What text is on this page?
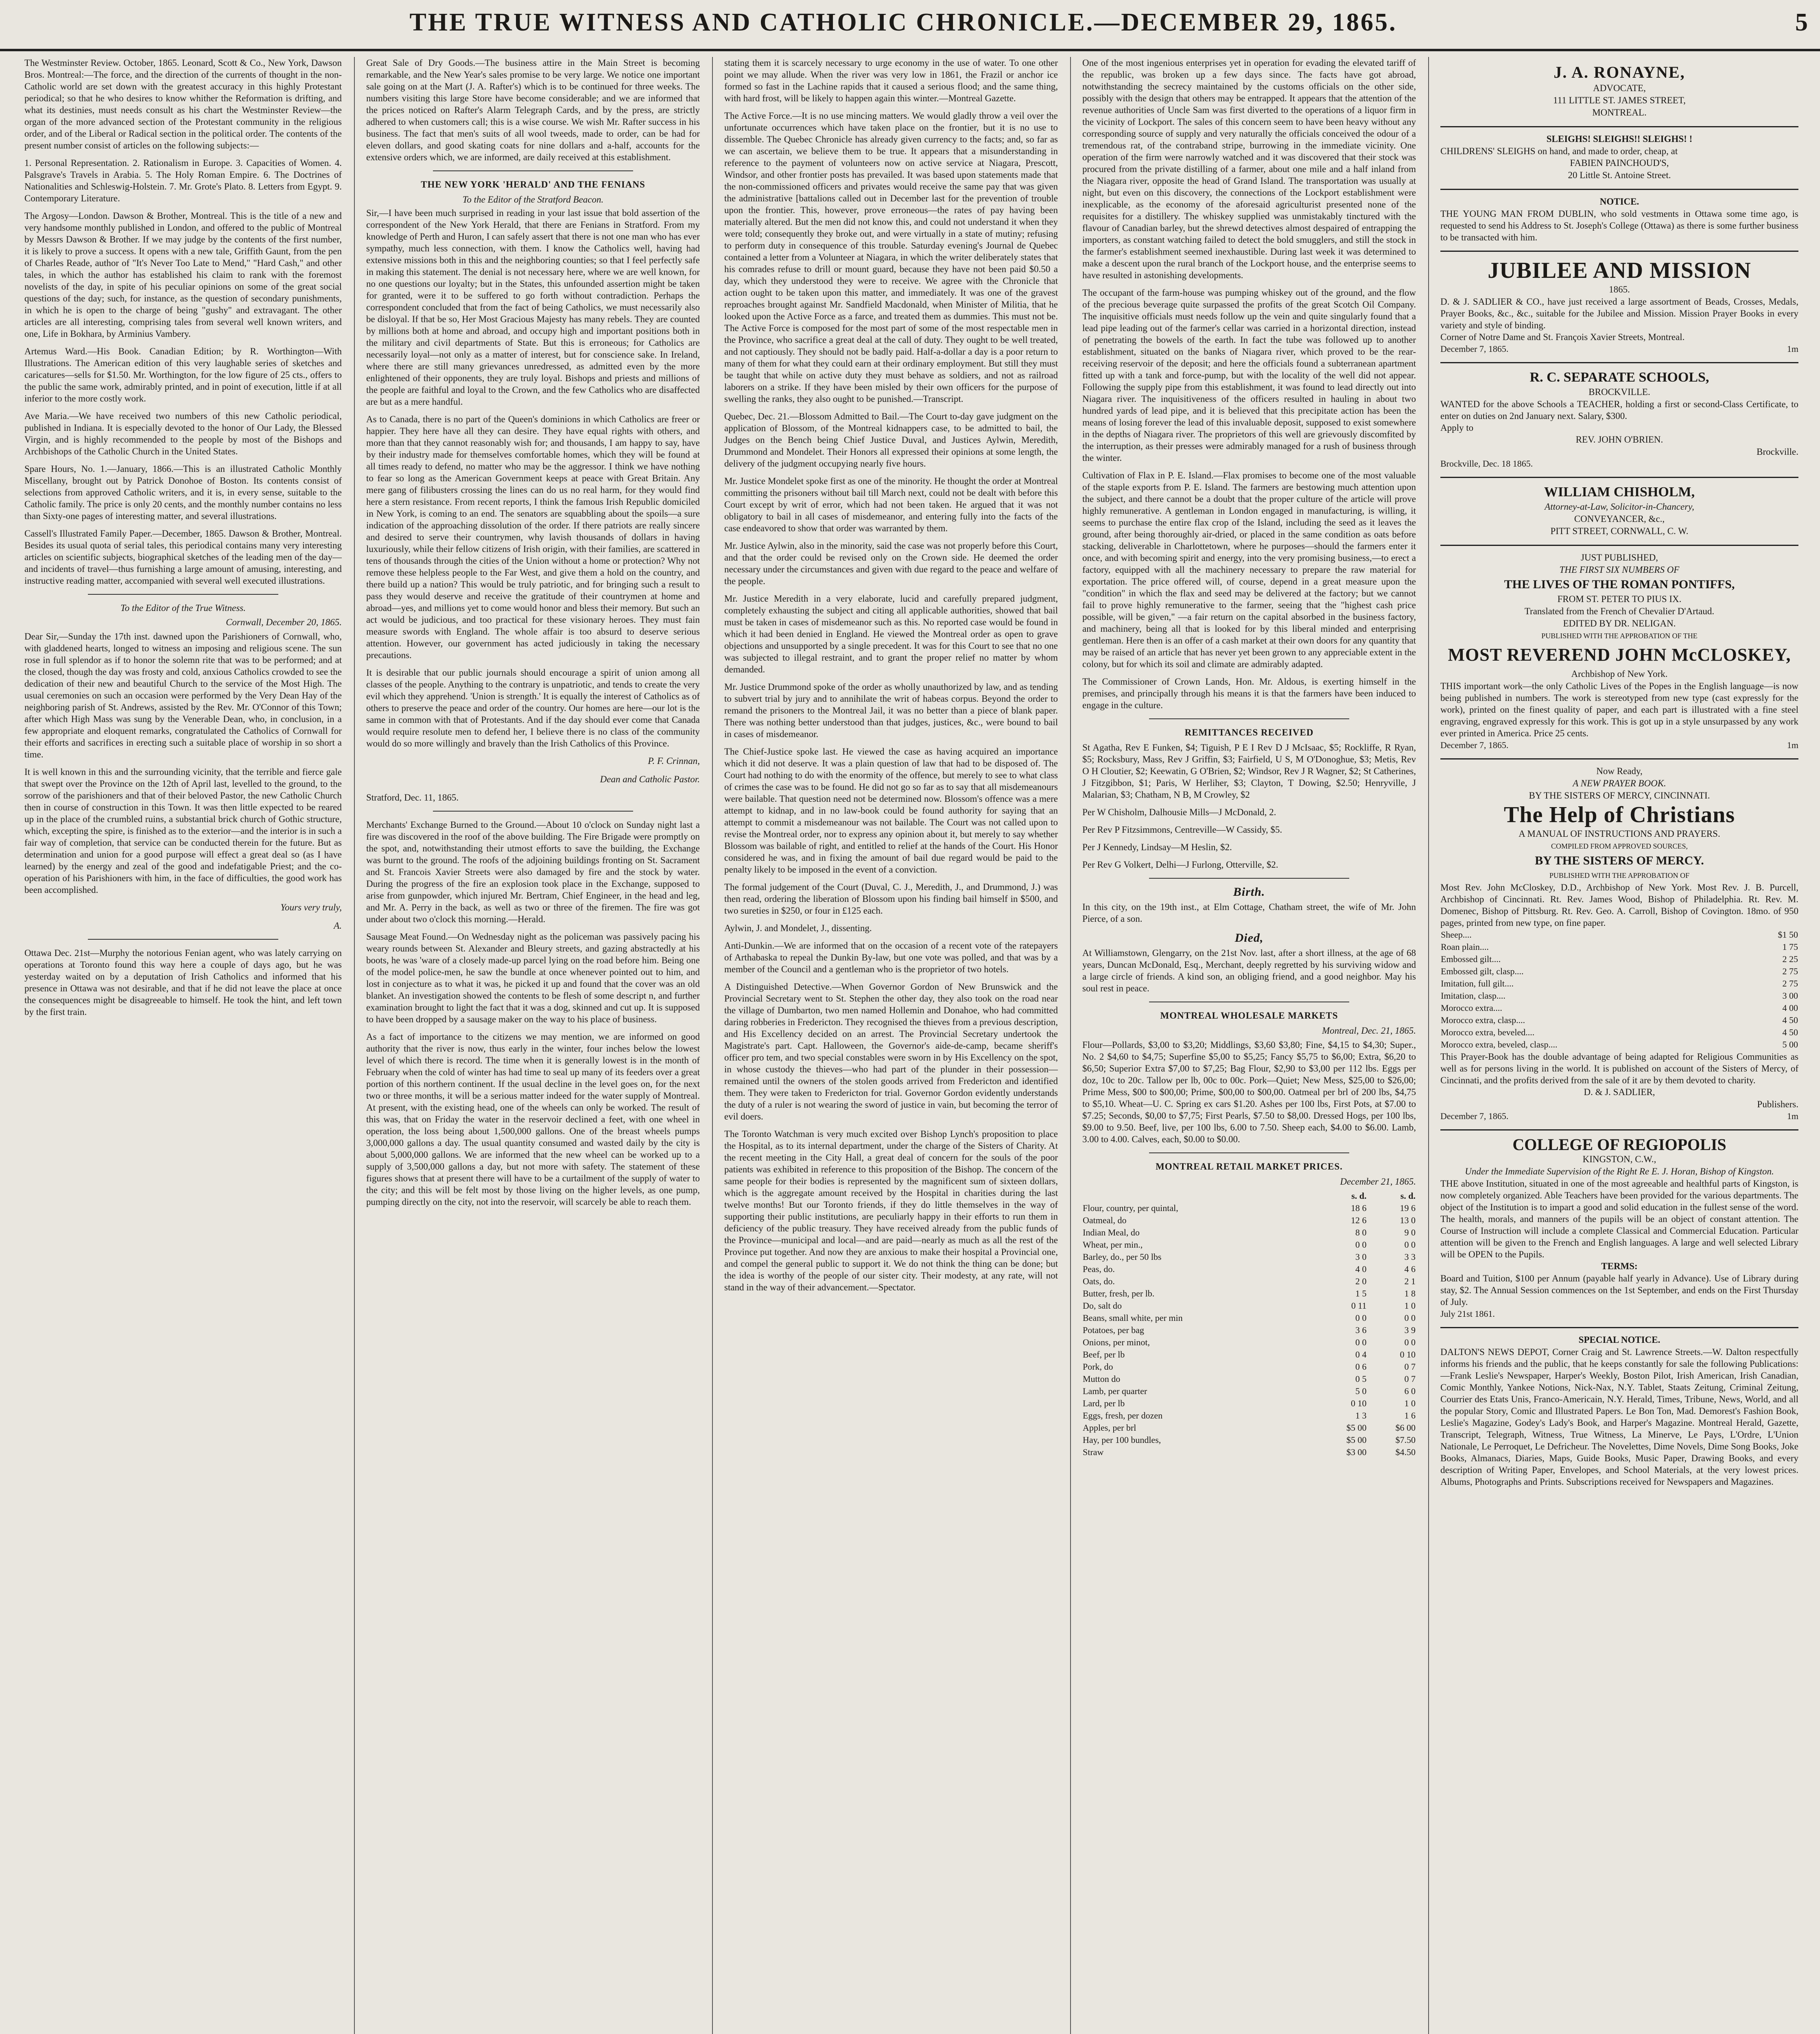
THE TRUE WITNESS AND CATHOLIC CHRONICLE.—DECEMBER 29, 1865.	5

The Westminster Review. October, 1865. Leonard, Scott & Co., New York, Dawson Bros. Montreal:—The force, and the direction of the currents of thought in the non-Catholic world are set down with the greatest accuracy in this highly Protestant periodical; so that he who desires to know whither the Reformation is drifting, and what its destinies, must needs consult as his chart the Westminster Review—the organ of the more advanced section of the Protestant community in the religious order, and of the Liberal or Radical section in the political order. The contents of the present number consist of articles on the following subjects:—

1. Personal Representation. 2. Rationalism in Europe. 3. Capacities of Women. 4. Palsgrave's Travels in Arabia. 5. The Holy Roman Empire. 6. The Doctrines of Nationalities and Schleswig-Holstein. 7. Mr. Grote's Plato. 8. Letters from Egypt. 9. Contemporary Literature.

The Argosy—London. Dawson & Brother, Montreal. This is the title of a new and very handsome monthly published in London, and offered to the public of Montreal by Messrs Dawson & Brother. If we may judge by the contents of the first number, it is likely to prove a success. It opens with a new tale, Griffith Gaunt, from the pen of Charles Reade, author of "It's Never Too Late to Mend," "Hard Cash," and other tales, in which the author has established his claim to rank with the foremost novelists of the day, in spite of his peculiar opinions on some of the great social questions of the day; such, for instance, as the question of secondary punishments, in which he is open to the charge of being "gushy" and extravagant. The other articles are all interesting, comprising tales from several well known writers, and one, Life in Bokhara, by Arminius Vambery.

Artemus Ward.—His Book. Canadian Edition; by R. Worthington—With Illustrations. The American edition of this very laughable series of sketches and caricatures—sells for $1.50. Mr. Worthington, for the low figure of 25 cts., offers to the public the same work, admirably printed, and in point of execution, little if at all inferior to the more costly work.

Ave Maria.—We have received two numbers of this new Catholic periodical, published in Indiana. It is especially devoted to the honor of Our Lady, the Blessed Virgin, and is highly recommended to the people by most of the Bishops and Archbishops of the Catholic Church in the United States.

Spare Hours, No. 1.—January, 1866.—This is an illustrated Catholic Monthly Miscellany, brought out by Patrick Donohoe of Boston. Its contents consist of selections from approved Catholic writers, and it is, in every sense, suitable to the Catholic family. The price is only 20 cents, and the monthly number contains no less than Sixty-one pages of interesting matter, and several illustrations.

Cassell's Illustrated Family Paper.—December, 1865. Dawson & Brother, Montreal. Besides its usual quota of serial tales, this periodical contains many very interesting articles on scientific subjects, biographical sketches of the leading men of the day—and incidents of travel—thus furnishing a large amount of amusing, interesting, and instructive reading matter, accompanied with several well executed illustrations.

To the Editor of the True Witness.

Cornwall, December 20, 1865.

Dear Sir,—Sunday the 17th inst. dawned upon the Parishioners of Cornwall, who, with gladdened hearts, longed to witness an imposing and religious scene. The sun rose in full splendor as if to honor the solemn rite that was to be performed; and at the closed, though the day was frosty and cold, anxious Catholics crowded to see the dedication of their new and beautiful Church to the service of the Most High. The usual ceremonies on such an occasion were performed by the Very Dean Hay of the neighboring parish of St. Andrews, assisted by the Rev. Mr. O'Connor of this Town; after which High Mass was sung by the Venerable Dean, who, in conclusion, in a few appropriate and eloquent remarks, congratulated the Catholics of Cornwall for their efforts and sacrifices in erecting such a suitable place of worship in so short a time.

It is well known in this and the surrounding vicinity, that the terrible and fierce gale that swept over the Province on the 12th of April last, levelled to the ground, to the sorrow of the parishioners and that of their beloved Pastor, the new Catholic Church then in course of construction in this Town. It was then little expected to be reared up in the place of the crumbled ruins, a substantial brick church of Gothic structure, which, excepting the spire, is finished as to the exterior—and the interior is in such a fair way of completion, that service can be conducted therein for the future. But as determination and union for a good purpose will effect a great deal so (as I have learned) by the energy and zeal of the good and indefatigable Priest; and the co-operation of his Parishioners with him, in the face of difficulties, the good work has been accomplished.

Yours very truly,

A.

Ottawa Dec. 21st—Murphy the notorious Fenian agent, who was lately carrying on operations at Toronto found this way here a couple of days ago, but he was yesterday waited on by a deputation of Irish Catholics and informed that his presence in Ottawa was not desirable, and that if he did not leave the place at once the consequences might be disagreeable to himself. He took the hint, and left town by the first train.

Great Sale of Dry Goods.—The business attire in the Main Street is becoming remarkable, and the New Year's sales promise to be very large. We notice one important sale going on at the Mart (J. A. Rafter's) which is to be continued for three weeks. The numbers visiting this large Store have become considerable; and we are informed that the prices noticed on Rafter's Alarm Telegraph Cards, and by the press, are strictly adhered to when customers call; this is a wise course. We wish Mr. Rafter success in his business. The fact that men's suits of all wool tweeds, made to order, can be had for eleven dollars, and good skating coats for nine dollars and a-half, accounts for the extensive orders which, we are informed, are daily received at this establishment.

THE NEW YORK 'HERALD' AND THE FENIANS

To the Editor of the Stratford Beacon.

Sir,—I have been much surprised in reading in your last issue that bold assertion of the correspondent of the New York Herald, that there are Fenians in Stratford. From my knowledge of Perth and Huron, I can safely assert that there is not one man who has ever sympathy, much less connection, with them. I know the Catholics well, having had extensive missions both in this and the neighboring counties; so that I feel perfectly safe in making this statement. The denial is not necessary here, where we are well known, for no one questions our loyalty; but in the States, this unfounded assertion might be taken for granted, were it to be suffered to go forth without contradiction. Perhaps the correspondent concluded that from the fact of being Catholics, we must necessarily also be disloyal. If that be so, Her Most Gracious Majesty has many rebels. They are counted by millions both at home and abroad, and occupy high and important positions both in the military and civil departments of State. But this is erroneous; for Catholics are necessarily loyal—not only as a matter of interest, but for conscience sake. In Ireland, where there are still many grievances unredressed, as admitted even by the more enlightened of their opponents, they are truly loyal. Bishops and priests and millions of the people are faithful and loyal to the Crown, and the few Catholics who are disaffected are but as a mere handful.

As to Canada, there is no part of the Queen's dominions in which Catholics are freer or happier. They here have all they can desire. They have equal rights with others, and more than that they cannot reasonably wish for; and thousands, I am happy to say, have by their industry made for themselves comfortable homes, which they will be found at all times ready to defend, no matter who may be the aggressor. I think we have nothing to fear so long as the American Government keeps at peace with Great Britain. Any mere gang of filibusters crossing the lines can do us no real harm, for they would find here a stern resistance. From recent reports, I think the famous Irish Republic domiciled in New York, is coming to an end. The senators are squabbling about the spoils—a sure indication of the approaching dissolution of the order. If there patriots are really sincere and desired to serve their countrymen, why lavish thousands of dollars in having luxuriously, while their fellow citizens of Irish origin, with their families, are scattered in tens of thousands through the cities of the Union without a home or protection? Why not remove these helpless people to the Far West, and give them a hold on the country, and there build up a nation? This would be truly patriotic, and for bringing such a result to pass they would deserve and receive the gratitude of their countrymen at home and abroad—yes, and millions yet to come would honor and bless their memory. But such an act would be judicious, and too practical for these visionary heroes. They must fain measure swords with England. The whole affair is too absurd to deserve serious attention. However, our government has acted judiciously in taking the necessary precautions.

It is desirable that our public journals should encourage a spirit of union among all classes of the people. Anything to the contrary is unpatriotic, and tends to create the very evil which they apprehend. 'Union is strength.' It is equally the interest of Catholics as of others to preserve the peace and order of the country. Our homes are here—our lot is the same in common with that of Protestants. And if the day should ever come that Canada would require resolute men to defend her, I believe there is no class of the community would do so more willingly and bravely than the Irish Catholics of this Province.

P. F. Crinnan,

Dean and Catholic Pastor.

Stratford, Dec. 11, 1865.

Merchants' Exchange Burned to the Ground.—About 10 o'clock on Sunday night last a fire was discovered in the roof of the above building. The Fire Brigade were promptly on the spot, and, notwithstanding their utmost efforts to save the building, the Exchange was burnt to the ground. The roofs of the adjoining buildings fronting on St. Sacrament and St. Francois Xavier Streets were also damaged by fire and the stock by water. During the progress of the fire an explosion took place in the Exchange, supposed to arise from gunpowder, which injured Mr. Bertram, Chief Engineer, in the head and leg, and Mr. A. Perry in the back, as well as two or three of the firemen. The fire was got under about two o'clock this morning.—Herald.

Sausage Meat Found.—On Wednesday night as the policeman was passively pacing his weary rounds between St. Alexander and Bleury streets, and gazing abstractedly at his boots, he was 'ware of a closely made-up parcel lying on the road before him. Being one of the model police-men, he saw the bundle at once whenever pointed out to him, and lost in conjecture as to what it was, he picked it up and found that the cover was an old blanket. An investigation showed the contents to be flesh of some descript n, and further examination brought to light the fact that it was a dog, skinned and cut up. It is supposed to have been dropped by a sausage maker on the way to his place of business.

As a fact of importance to the citizens we may mention, we are informed on good authority that the river is now, thus early in the winter, four inches below the lowest level of which there is record. The time when it is generally lowest is in the month of February when the cold of winter has had time to seal up many of its feeders over a great portion of this northern continent. If the usual decline in the level goes on, for the next two or three months, it will be a serious matter indeed for the water supply of Montreal. At present, with the existing head, one of the wheels can only be worked. The result of this was, that on Friday the water in the reservoir declined a feet, with one wheel in operation, the loss being about 1,500,000 gallons. One of the breast wheels pumps 3,000,000 gallons a day. The usual quantity consumed and wasted daily by the city is about 5,000,000 gallons. We are informed that the new wheel can be worked up to a supply of 3,500,000 gallons a day, but not more with safety. The statement of these figures shows that at present there will have to be a curtailment of the supply of water to the city; and this will be felt most by those living on the higher levels, as one pump, pumping directly on the city, not into the reservoir, will scarcely be able to reach them.

stating them it is scarcely necessary to urge economy in the use of water. To one other point we may allude. When the river was very low in 1861, the Frazil or anchor ice formed so fast in the Lachine rapids that it caused a serious flood; and the same thing, with hard frost, will be likely to happen again this winter.—Montreal Gazette.

The Active Force.—It is no use mincing matters. We would gladly throw a veil over the unfortunate occurrences which have taken place on the frontier, but it is no use to dissemble. The Quebec Chronicle has already given currency to the facts; and, so far as we can ascertain, we believe them to be true. It appears that a misunderstanding in reference to the payment of volunteers now on active service at Niagara, Prescott, Windsor, and other frontier posts has prevailed. It was based upon statements made that the non-commissioned officers and privates would receive the same pay that was given the administrative [battalions called out in December last for the prevention of trouble upon the frontier. This, however, prove erroneous—the rates of pay having been materially altered. But the men did not know this, and could not understand it when they were told; consequently they broke out, and were virtually in a state of mutiny; refusing to perform duty in consequence of this trouble. Saturday evening's Journal de Quebec contained a letter from a Volunteer at Niagara, in which the writer deliberately states that his comrades refuse to drill or mount guard, because they have not been paid $0.50 a day, which they understood they were to receive. We agree with the Chronicle that action ought to be taken upon this matter, and immediately. It was one of the gravest reproaches brought against Mr. Sandfield Macdonald, when Minister of Militia, that he looked upon the Active Force as a farce, and treated them as dummies. This must not be. The Active Force is composed for the most part of some of the most respectable men in the Province, who sacrifice a great deal at the call of duty. They ought to be well treated, and not captiously. They should not be badly paid. Half-a-dollar a day is a poor return to many of them for what they could earn at their ordinary employment. But still they must be taught that while on active duty they must behave as soldiers, and not as railroad laborers on a strike. If they have been misled by their own officers for the purpose of swelling the ranks, they also ought to be punished.—Transcript.

Quebec, Dec. 21.—Blossom Admitted to Bail.—The Court to-day gave judgment on the application of Blossom, of the Montreal kidnappers case, to be admitted to bail, the Judges on the Bench being Chief Justice Duval, and Justices Aylwin, Meredith, Drummond and Mondelet. Their Honors all expressed their opinions at some length, the delivery of the judgment occupying nearly five hours.

Mr. Justice Mondelet spoke first as one of the minority. He thought the order at Montreal committing the prisoners without bail till March next, could not be dealt with before this Court except by writ of error, which had not been taken. He argued that it was not obligatory to bail in all cases of misdemeanor, and entering fully into the facts of the case endeavored to show that order was warranted by them.

Mr. Justice Aylwin, also in the minority, said the case was not properly before this Court, and that the order could be revised only on the Crown side. He deemed the order necessary under the circumstances and given with due regard to the peace and welfare of the people.

Mr. Justice Meredith in a very elaborate, lucid and carefully prepared judgment, completely exhausting the subject and citing all applicable authorities, showed that bail must be taken in cases of misdemeanor such as this. No reported case would be found in which it had been denied in England. He viewed the Montreal order as open to grave objections and unsupported by a single precedent. It was for this Court to see that no one was subjected to illegal restraint, and to grant the proper relief no matter by whom demanded.

Mr. Justice Drummond spoke of the order as wholly unauthorized by law, and as tending to subvert trial by jury and to annihilate the writ of habeas corpus. Beyond the order to remand the prisoners to the Montreal Jail, it was no better than a piece of blank paper. There was nothing better understood than that judges, justices, &c., were bound to bail in cases of misdemeanor.

The Chief-Justice spoke last. He viewed the case as having acquired an importance which it did not deserve. It was a plain question of law that had to be disposed of. The Court had nothing to do with the enormity of the offence, but merely to see to what class of crimes the case was to be found. He did not go so far as to say that all misdemeanours were bailable. That question need not be determined now. Blossom's offence was a mere attempt to kidnap, and in no law-book could be found authority for saying that an attempt to commit a misdemeanour was not bailable. The Court was not called upon to revise the Montreal order, nor to express any opinion about it, but merely to say whether Blossom was bailable of right, and entitled to relief at the hands of the Court. His Honor considered he was, and in fixing the amount of bail due regard would be paid to the penalty likely to be imposed in the event of a conviction.

The formal judgement of the Court (Duval, C. J., Meredith, J., and Drummond, J.) was then read, ordering the liberation of Blossom upon his finding bail himself in $500, and two sureties in $250, or four in £125 each.

Aylwin, J. and Mondelet, J., dissenting.

Anti-Dunkin.—We are informed that on the occasion of a recent vote of the ratepayers of Arthabaska to repeal the Dunkin By-law, but one vote was polled, and that was by a member of the Council and a gentleman who is the proprietor of two hotels.

A Distinguished Detective.—When Governor Gordon of New Brunswick and the Provincial Secretary went to St. Stephen the other day, they also took on the road near the village of Dumbarton, two men named Hollemin and Donahoe, who had committed daring robberies in Fredericton. They recognised the thieves from a previous description, and His Excellency decided on an arrest. The Provincial Secretary undertook the Magistrate's part. Capt. Halloween, the Governor's aide-de-camp, became sheriff's officer pro tem, and two special constables were sworn in by His Excellency on the spot, in whose custody the thieves—who had part of the plunder in their possession—remained until the owners of the stolen goods arrived from Fredericton and identified them. They were taken to Fredericton for trial. Governor Gordon evidently understands the duty of a ruler is not wearing the sword of justice in vain, but becoming the terror of evil doers.

The Toronto Watchman is very much excited over Bishop Lynch's proposition to place the Hospital, as to its internal department, under the charge of the Sisters of Charity. At the recent meeting in the City Hall, a great deal of concern for the souls of the poor patients was exhibited in reference to this proposition of the Bishop. The concern of the same people for their bodies is represented by the magnificent sum of sixteen dollars, which is the aggregate amount received by the Hospital in charities during the last twelve months! But our Toronto friends, if they do little themselves in the way of supporting their public institutions, are peculiarly happy in their efforts to run them in deficiency of the public treasury. They have received already from the public funds of the Province—municipal and local—and are paid—nearly as much as all the rest of the Province put together. And now they are anxious to make their hospital a Provincial one, and compel the general public to support it. We do not think the thing can be done; but the idea is worthy of the people of our sister city. Their modesty, at any rate, will not stand in the way of their advancement.—Spectator.

One of the most ingenious enterprises yet in operation for evading the elevated tariff of the republic, was broken up a few days since. The facts have got abroad, notwithstanding the secrecy maintained by the customs officials on the other side, possibly with the design that others may be entrapped. It appears that the attention of the revenue authorities of Uncle Sam was first diverted to the operations of a liquor firm in the vicinity of Lockport. The sales of this concern seem to have been heavy without any corresponding source of supply and very naturally the officials conceived the odour of a tremendous rat, of the contraband stripe, burrowing in the immediate vicinity. One operation of the firm were narrowly watched and it was discovered that their stock was procured from the private distilling of a farmer, about one mile and a half inland from the Niagara river, opposite the head of Grand Island. The transportation was usually at night, but even on this discovery, the connections of the Lockport establishment were inexplicable, as the economy of the aforesaid agriculturist presented none of the requisites for a distillery. The whiskey supplied was unmistakably tinctured with the flavour of Canadian barley, but the shrewd detectives almost despaired of entrapping the importers, as constant watching failed to detect the bold smugglers, and still the stock in the farmer's establishment seemed inexhaustible. During last week it was determined to make a descent upon the rural branch of the Lockport house, and the enterprise seems to have resulted in astonishing developments.

The occupant of the farm-house was pumping whiskey out of the ground, and the flow of the precious beverage quite surpassed the profits of the great Scotch Oil Company. The inquisitive officials must needs follow up the vein and quite singularly found that a lead pipe leading out of the farmer's cellar was carried in a horizontal direction, instead of penetrating the bowels of the earth. In fact the tube was followed up to another establishment, situated on the banks of Niagara river, which proved to be the rear-receiving reservoir of the deposit; and here the officials found a subterranean apartment fitted up with a tank and force-pump, but with the locality of the well did not appear. Following the supply pipe from this establishment, it was found to lead directly out into Niagara river. The inquisitiveness of the officers resulted in hauling in about two hundred yards of lead pipe, and it is believed that this precipitate action has been the means of losing forever the lead of this invaluable deposit, supposed to exist somewhere in the depths of Niagara river. The proprietors of this well are grievously discomfited by the interruption, as their presses were admirably managed for a rush of business through the winter.

Cultivation of Flax in P. E. Island.—Flax promises to become one of the most valuable of the staple exports from P. E. Island. The farmers are bestowing much attention upon the subject, and there cannot be a doubt that the proper culture of the article will prove highly remunerative. A gentleman in London engaged in manufacturing, is willing, it seems to purchase the entire flax crop of the Island, including the seed as it leaves the ground, after being thoroughly air-dried, or placed in the same condition as oats before stacking, deliverable in Charlottetown, where he purposes—should the farmers enter it once, and with becoming spirit and energy, into the very promising business,—to erect a factory, equipped with all the machinery necessary to prepare the raw material for exportation. The price offered will, of course, depend in a great measure upon the "condition" in which the flax and seed may be delivered at the factory; but we cannot fail to prove highly remunerative to the farmer, seeing that the "highest cash price possible, will be given," —a fair return on the capital absorbed in the business factory, and machinery, being all that is looked for by this liberal minded and enterprising gentleman. Here then is an offer of a cash market at their own doors for any quantity that may be raised of an article that has never yet been grown to any appreciable extent in the colony, but for which its soil and climate are admirably adapted.

The Commissioner of Crown Lands, Hon. Mr. Aldous, is exerting himself in the premises, and principally through his means it is that the farmers have been induced to engage in the culture.

REMITTANCES RECEIVED

St Agatha, Rev E Funken, $4; Tiguish, P E I Rev D J McIsaac, $5; Rockliffe, R Ryan, $5; Rocksbury, Mass, Rev J Griffin, $3; Fairfield, U S, M O'Donoghue, $3; Metis, Rev O H Cloutier, $2; Keewatin, G O'Brien, $2; Windsor, Rev J R Wagner, $2; St Catherines, J Fitzgibbon, $1; Paris, W Herliher, $3; Clayton, T Dowing, $2.50; Henryville, J Malarian, $3; Chatham, N B, M Crowley, $2

Per W Chisholm, Dalhousie Mills—J McDonald, 2.

Per Rev P Fitzsimmons, Centreville—W Cassidy, $5.

Per J Kennedy, Lindsay—M Heslin, $2.

Per Rev G Volkert, Delhi—J Furlong, Otterville, $2.

Birth.

In this city, on the 19th inst., at Elm Cottage, Chatham street, the wife of Mr. John Pierce, of a son.

Died,

At Williamstown, Glengarry, on the 21st Nov. last, after a short illness, at the age of 68 years, Duncan McDonald, Esq., Merchant, deeply regretted by his surviving widow and a large circle of friends. A kind son, an obliging friend, and a good neighbor. May his soul rest in peace.

MONTREAL WHOLESALE MARKETS

Montreal, Dec. 21, 1865.

Flour—Pollards, $3,00 to $3,20; Middlings, $3,60 $3,80; Fine, $4,15 to $4,30; Super., No. 2 $4,60 to $4,75; Superfine $5,00 to $5,25; Fancy $5,75 to $6,00; Extra, $6,20 to $6,50; Superior Extra $7,00 to $7,25; Bag Flour, $2,90 to $3,00 per 112 lbs. Eggs per doz, 10c to 20c. Tallow per lb, 00c to 00c. Pork—Quiet; New Mess, $25,00 to $26,00; Prime Mess, $00 to $00,00; Prime, $00,00 to $00,00. Oatmeal per brl of 200 lbs, $4,75 to $5,10. Wheat—U. C. Spring ex cars $1.20. Ashes per 100 lbs, First Pots, at $7.00 to $7.25; Seconds, $0,00 to $7,75; First Pearls, $7.50 to $8,00. Dressed Hogs, per 100 lbs, $9.00 to 9.50. Beef, live, per 100 lbs, 6.00 to 7.50. Sheep each, $4.00 to $6.00. Lamb, 3.00 to 4.00. Calves, each, $0.00 to $0.00.

MONTREAL RETAIL MARKET PRICES.

December 21, 1865.

	s. d.	s. d.
Flour, country, per quintal,	18 6	19 6
Oatmeal, do	12 6	13 0
Indian Meal, do	8 0	9 0
Wheat, per min.,	0 0	0 0
Barley, do., per 50 lbs	3 0	3 3
Peas, do.	4 0	4 6
Oats, do.	2 0	2 1
Butter, fresh, per lb.	1 5	1 8
Do, salt do	0 11	1 0
Beans, small white, per min	0 0	0 0
Potatoes, per bag	3 6	3 9
Onions, per minot,	0 0	0 0
Beef, per lb	0 4	0 10
Pork, do	0 6	0 7
Mutton do	0 5	0 7
Lamb, per quarter	5 0	6 0
Lard, per lb	0 10	1 0
Eggs, fresh, per dozen	1 3	1 6
Apples, per brl	$5 00	$6 00
Hay, per 100 bundles,	$5 00	$7.50
Straw	$3 00	$4.50
J. A. RONAYNE,
ADVOCATE,
111 LITTLE ST. JAMES STREET,
MONTREAL.
SLEIGHS! SLEIGHS!! SLEIGHS! !
CHILDRENS' SLEIGHS on hand, and made to order, cheap, at
FABIEN PAINCHOUD'S,
20 Little St. Antoine Street.
NOTICE.
THE YOUNG MAN FROM DUBLIN, who sold vestments in Ottawa some time ago, is requested to send his Address to St. Joseph's College (Ottawa) as there is some further business to be transacted with him.
JUBILEE AND MISSION
1865.
D. & J. SADLIER & CO., have just received a large assortment of Beads, Crosses, Medals, Prayer Books, &c., &c., suitable for the Jubilee and Mission. Mission Prayer Books in every variety and style of binding.
Corner of Notre Dame and St. François Xavier Streets, Montreal.
December 7, 1865.	1m
R. C. SEPARATE SCHOOLS,
BROCKVILLE.
WANTED for the above Schools a TEACHER, holding a first or second-Class Certificate, to enter on duties on 2nd January next. Salary, $300.
Apply to
REV. JOHN O'BRIEN.
Brockville.
Brockville, Dec. 18 1865.
WILLIAM CHISHOLM,
Attorney-at-Law, Solicitor-in-Chancery,
CONVEYANCER, &c.,
PITT STREET, CORNWALL, C. W.
JUST PUBLISHED,
THE FIRST SIX NUMBERS OF
THE LIVES OF THE ROMAN PONTIFFS,
FROM ST. PETER TO PIUS IX.
Translated from the French of Chevalier D'Artaud.
EDITED BY DR. NELIGAN.
PUBLISHED WITH THE APPROBATION OF THE
MOST REVEREND JOHN McCLOSKEY,
Archbishop of New York.
THIS important work—the only Catholic Lives of the Popes in the English language—is now being published in numbers. The work is stereotyped from new type (cast expressly for the work), printed on the finest quality of paper, and each part is illustrated with a fine steel engraving, engraved expressly for this work. This is got up in a style unsurpassed by any work ever printed in America. Price 25 cents.
December 7, 1865.	1m
Now Ready,
A NEW PRAYER BOOK.
BY THE SISTERS OF MERCY, CINCINNATI.
The Help of Christians
A MANUAL OF INSTRUCTIONS AND PRAYERS.
COMPILED FROM APPROVED SOURCES,
BY THE SISTERS OF MERCY.
PUBLISHED WITH THE APPROBATION OF
Most Rev. John McCloskey, D.D., Archbishop of New York. Most Rev. J. B. Purcell, Archbishop of Cincinnati. Rt. Rev. James Wood, Bishop of Philadelphia. Rt. Rev. M. Domenec, Bishop of Pittsburg. Rt. Rev. Geo. A. Carroll, Bishop of Covington. 18mo. of 950 pages, printed from new type, on fine paper.
Sheep....	$1 50
Roan plain....	1 75
Embossed gilt....	2 25
Embossed gilt, clasp....	2 75
Imitation, full gilt....	2 75
Imitation, clasp....	3 00
Morocco extra....	4 00
Morocco extra, clasp....	4 50
Morocco extra, beveled....	4 50
Morocco extra, beveled, clasp....	5 00
This Prayer-Book has the double advantage of being adapted for Religious Communities as well as for persons living in the world. It is published on account of the Sisters of Mercy, of Cincinnati, and the profits derived from the sale of it are by them devoted to charity.
D. & J. SADLIER,
Publishers.
December 7, 1865.	1m
COLLEGE OF REGIOPOLIS
KINGSTON, C.W.,
Under the Immediate Supervision of the Right Re E. J. Horan, Bishop of Kingston.
THE above Institution, situated in one of the most agreeable and healthful parts of Kingston, is now completely organized. Able Teachers have been provided for the various departments. The object of the Institution is to impart a good and solid education in the fullest sense of the word. The health, morals, and manners of the pupils will be an object of constant attention. The Course of Instruction will include a complete Classical and Commercial Education. Particular attention will be given to the French and English languages. A large and well selected Library will be OPEN to the Pupils.
TERMS:
Board and Tuition, $100 per Annum (payable half yearly in Advance). Use of Library during stay, $2. The Annual Session commences on the 1st September, and ends on the First Thursday of July.
July 21st 1861.
SPECIAL NOTICE.
DALTON'S NEWS DEPOT, Corner Craig and St. Lawrence Streets.—W. Dalton respectfully informs his friends and the public, that he keeps constantly for sale the following Publications:—Frank Leslie's Newspaper, Harper's Weekly, Boston Pilot, Irish American, Irish Canadian, Comic Monthly, Yankee Notions, Nick-Nax, N.Y. Tablet, Staats Zeitung, Criminal Zeitung, Courrier des Etats Unis, Franco-Americain, N.Y. Herald, Times, Tribune, News, World, and all the popular Story, Comic and Illustrated Papers. Le Bon Ton, Mad. Demorest's Fashion Book, Leslie's Magazine, Godey's Lady's Book, and Harper's Magazine. Montreal Herald, Gazette, Transcript, Telegraph, Witness, True Witness, La Minerve, Le Pays, L'Ordre, L'Union Nationale, Le Perroquet, Le Defricheur. The Novelettes, Dime Novels, Dime Song Books, Joke Books, Almanacs, Diaries, Maps, Guide Books, Music Paper, Drawing Books, and every description of Writing Paper, Envelopes, and School Materials, at the very lowest prices. Albums, Photographs and Prints. Subscriptions received for Newspapers and Magazines.
